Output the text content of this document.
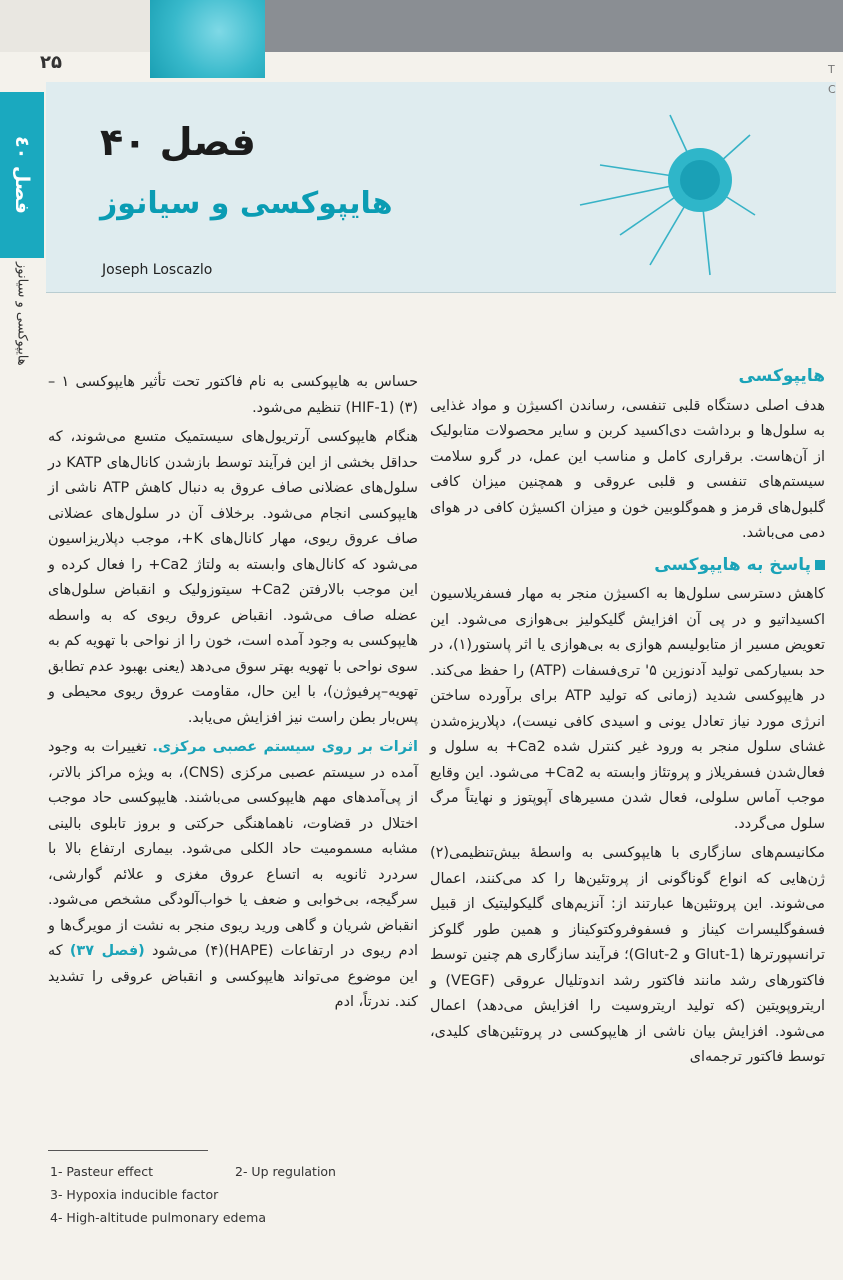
۲۵
فصل ٤٠
هایپوکسی و سیانوز
فصل ۴۰
هایپوکسی و سیانوز
Joseph Loscazlo
T
C
هایپوکسی

هدف اصلی دستگاه قلبی تنفسی، رساندن اکسیژن و مواد غذایی به سلول‌ها و برداشت دی‌اکسید کربن و سایر محصولات متابولیک از آن‌هاست. برقراری کامل و مناسب این عمل، در گرو سلامت سیستم‌های تنفسی و قلبی عروقی و همچنین میزان کافی گلبول‌های قرمز و هموگلوبین خون و میزان اکسیژن کافی در هوای دمی می‌باشد.

پاسخ به هایپوکسی

کاهش دسترسی سلول‌ها به اکسیژن منجر به مهار فسفریلاسیون اکسیداتیو و در پی آن افزایش گلیکولیز بی‌هوازی می‌شود. این تعویض مسیر از متابولیسم هوازی به بی‌هوازی یا اثر پاستور(۱)، در حد بسیارکمی تولید آدنوزین ۵' تری‌فسفات (ATP) را حفظ می‌کند. در هایپوکسی شدید (زمانی که تولید ATP برای برآورده ساختن انرژی مورد نیاز تعادل یونی و اسیدی کافی نیست)، دپلاریزه‌شدن غشای سلول منجر به ورود غیر کنترل شده Ca2+ به سلول و فعال‌شدن فسفریلاز و پروتئاز وابسته به Ca2+ می‌شود. این وقایع موجب آماس سلولی، فعال شدن مسیرهای آپوپتوز و نهایتاً مرگ سلول می‌گردد.

مکانیسم‌های سازگاری با هایپوکسی به واسطهٔ بیش‌تنظیمی(۲) ژن‌هایی که انواع گوناگونی از پروتئین‌ها را کد می‌کنند، اعمال می‌شوند. این پروتئین‌ها عبارتند از: آنزیم‌های گلیکولیتیک از قبیل فسفوگلیسرات کیناز و فسفوفروکتوکیناز و همین طور گلوکز ترانسپورترها (Glut-1 و Glut-2)؛ فرآیند سازگاری هم چنین توسط فاکتورهای رشد مانند فاکتور رشد اندوتلیال عروقی (VEGF) و اریتروپویتین (که تولید اریتروسیت را افزایش می‌دهد) اعمال می‌شود. افزایش بیان ناشی از هایپوکسی در پروتئین‌های کلیدی، توسط فاکتور ترجمه‌ای

حساس به هایپوکسی به نام فاکتور تحت تأثیر هایپوکسی ۱ –(۳) (HIF-1) تنظیم می‌شود.

هنگام هایپوکسی آرتریول‌های سیستمیک متسع می‌شوند، که حداقل بخشی از این فرآیند توسط بازشدن کانال‌های KATP در سلول‌های عضلانی صاف عروق به دنبال کاهش ATP ناشی از هایپوکسی انجام می‌شود. برخلاف آن در سلول‌های عضلانی صاف عروق ریوی، مهار کانال‌های K+، موجب دپلاریزاسیون می‌شود که کانال‌های وابسته به ولتاژ Ca2+ را فعال کرده و این موجب بالارفتن Ca2+ سیتوزولیک و انقباض سلول‌های عضله صاف می‌شود. انقباض عروق ریوی که به واسطه هایپوکسی به وجود آمده است، خون را از نواحی با تهویه کم به سوی نواحی با تهویه بهتر سوق می‌دهد (یعنی بهبود عدم تطابق تهویه–پرفیوژن)، با این حال، مقاومت عروق ریوی محیطی و پس‌بار بطن راست نیز افزایش می‌یابد.

اثرات بر روی سیستم عصبی مرکزی. تغییرات به وجود آمده در سیستم عصبی مرکزی (CNS)، به ویژه مراکز بالاتر، از پی‌آمدهای مهم هایپوکسی می‌باشند. هایپوکسی حاد موجب اختلال در قضاوت، ناهماهنگی حرکتی و بروز تابلوی بالینی مشابه مسمومیت حاد الکلی می‌شود. بیماری ارتفاع بالا با سردرد ثانویه به اتساع عروق مغزی و علائم گوارشی، سرگیجه، بی‌خوابی و ضعف یا خواب‌آلودگی مشخص می‌شود. انقباض شریان و گاهی ورید ریوی منجر به نشت از مویرگ‌ها و ادم ریوی در ارتفاعات (HAPE)(۴) می‌شود (فصل ۳۷) که این موضوع می‌تواند هایپوکسی و انقباض عروقی را تشدید کند. ندرتاً، ادم

1- Pasteur effect	2- Up regulation
3- Hypoxia inducible factor
4- High-altitude pulmonary edema
